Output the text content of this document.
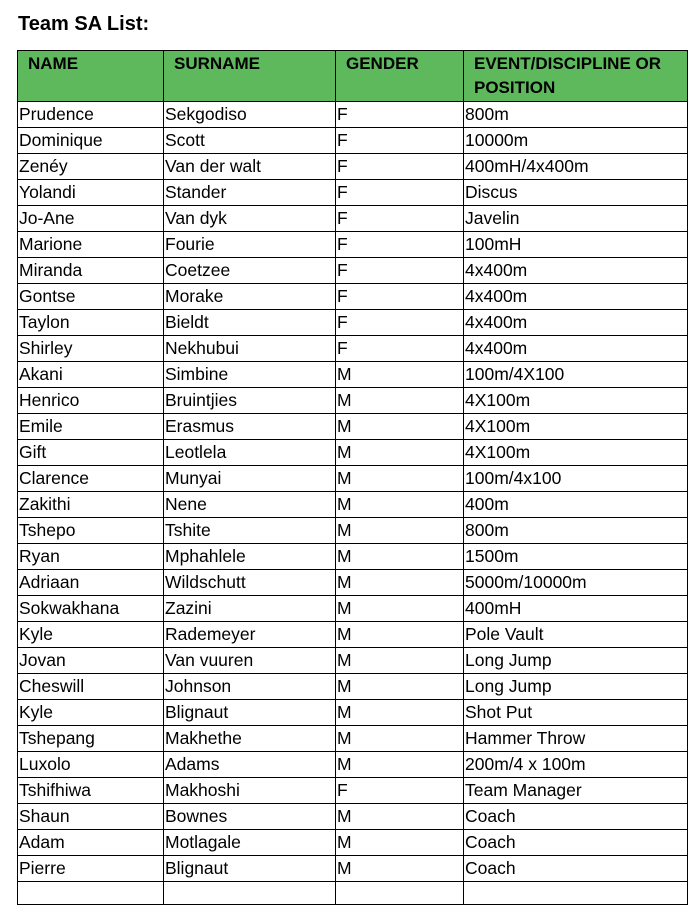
Team SA List:
NAME	SURNAME	GENDER	EVENT/DISCIPLINE OR POSITION
Prudence	Sekgodiso	F	800m
Dominique	Scott	F	10000m
Zenéy	Van der walt	F	400mH/4x400m
Yolandi	Stander	F	Discus
Jo-Ane	Van dyk	F	Javelin
Marione	Fourie	F	100mH
Miranda	Coetzee	F	4x400m
Gontse	Morake	F	4x400m
Taylon	Bieldt	F	4x400m
Shirley	Nekhubui	F	4x400m
Akani	Simbine	M	100m/4X100
Henrico	Bruintjies	M	4X100m
Emile	Erasmus	M	4X100m
Gift	Leotlela	M	4X100m
Clarence	Munyai	M	100m/4x100
Zakithi	Nene	M	400m
Tshepo	Tshite	M	800m
Ryan	Mphahlele	M	1500m
Adriaan	Wildschutt	M	5000m/10000m
Sokwakhana	Zazini	M	400mH
Kyle	Rademeyer	M	Pole Vault
Jovan	Van vuuren	M	Long Jump
Cheswill	Johnson	M	Long Jump
Kyle	Blignaut	M	Shot Put
Tshepang	Makhethe	M	Hammer Throw
Luxolo	Adams	M	200m/4 x 100m
Tshifhiwa	Makhoshi	F	Team Manager
Shaun	Bownes	M	Coach
Adam	Motlagale	M	Coach
Pierre	Blignaut	M	Coach
